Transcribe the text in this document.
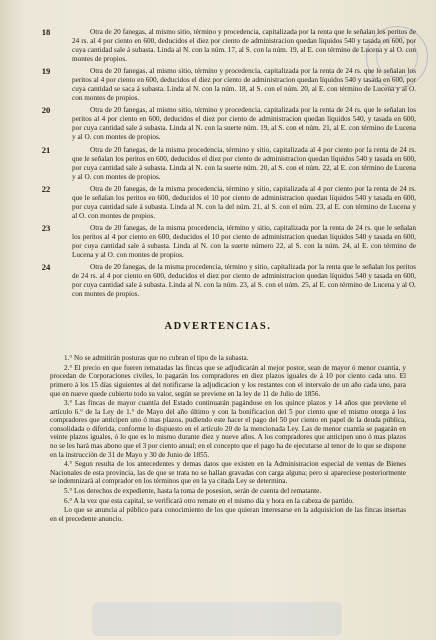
18	Otra de 20 fanegas, al mismo sitio, término y procedencia, capitalizada por la renta que le señalan los peritos de 24 rs. al 4 por ciento en 600, deducidos el diez por ciento de administracion quedan líquidos 540 y tasada en 600, por cuya cantidad sale á subasta. Linda al N. con la núm. 17, al S. con la núm. 19, al E. con término de Lucena y al O. con montes de propios.

19	Otra de 20 fanegas, al mismo sitio, término y procedencia, capitalizada por la renta de 24 rs. que le señalan los peritos al 4 por ciento en 600, deducidos el diez por ciento de administracion quedan líquidos 540 y tasada en 600, por cuya cantidad se saca á subasta. Linda al N. con la núm. 18, al S. con el núm. 20, al E. con término de Lucena y al O. con montes de propios.

20	Otra de 20 fanegas, al mismo sitio, término y procedencia, capitalizada por la renta de 24 rs. que le señalan los peritos al 4 por ciento en 600, deducidos el diez por ciento de administracion quedan líquidos 540, y tasada en 600, por cuya cantidad sale á subasta. Linda al N. con la suerte núm. 19, al S. con el núm. 21, al E. con término de Lucena y al O. con montes de propios.

21	Otra de 20 fanegas, de la misma procedencia, término y sitio, capitalizada al 4 por ciento por la renta de 24 rs. que le señalan los peritos en 600, deducidos el diez por ciento de administracion quedan líquidos 540 y tasada en 600, por cuya cantidad sale á subasta. Linda al N. con la suerte núm. 20, al S. con el núm. 22, al E. con término de Lucena y al O. con montes de propios.

22	Otra de 20 fanegas, de la misma procedencia, término y sitio, capitalizada al 4 por ciento por la renta de 24 rs. que le señalan los peritos en 600, deducidos el 10 por ciento de administracion quedan líquidos 540 y tasada en 600, por cuya cantidad sale á subasta. Linda al N. con la del núm. 21, al S. con el núm. 23, al E. con término de Lucena y al O. con montes de propios.

23	Otra de 20 fanegas, de la misma procedencia, término y sitio, capitalizada por la renta de 24 rs. que le señalan los peritos al 4 por ciento en 600, deducidos el 10 por ciento de administracion quedan líquidos 540 y tasada en 600, por cuya cantidad sale á subasta. Linda al N. con la suerte número 22, al S. con la núm. 24, al E. con término de Lucena y al O. con montes de propios.

24	Otra de 20 fanegas, de la misma procedencia, término y sitio, capitalizada por la renta que le señalan los peritos de 24 rs. al 4 por ciento en 600, deducidos el diez por ciento de administracion quedan líquidos 540 y tasada en 600, por cuya cantidad sale á subasta. Linda al N. con la núm. 23, al S. con el núm. 25, al E. con término de Lucena y al O. con montes de propios.

ADVERTENCIAS.

1.° No se admitirán posturas que no cubran el tipo de la subasta.

2.° El precio en que fueren rematadas las fincas que se adjudicarán al mejor postor, sean de mayor ó menor cuantía, y procedan de Corporaciones civiles, lo pagarán los compradores en diez plazos iguales de á 10 por ciento cada uno. El primero á los 15 días siguientes al del notificarse la adjudicacion y los restantes con el intervalo de un año cada uno, para que en nueve quede cubierto todo su valor, según se previene en la ley de 11 de Julio de 1856.

3.° Las fincas de mayor cuantía del Estado continuarán pagándose en los quince plazos y 14 años que previene el artículo 6.° de la Ley de 1.° de Mayo del año último y con la bonificacion del 5 por ciento que el mismo otorga á los compradores que anticipen uno ó mas plazos, pudiendo este hacer el pago del 50 por ciento en papel de la deuda pública, consolidada o diferida, conforme lo dispuesto en el artículo 20 de la mencionada Ley. Las de menor cuantía se pagarán en veinte plazos iguales, ó lo que es lo mismo durante diez y nueve años. A los compradores que anticipen uno ó mas plazos no se les hará mas abono que el 3 por ciento anual; en el concepto que el pago ha de ejecutarse al tenor de lo que se dispone en la instrucción de 31 de Mayo y 30 de Junio de 1855.

4.° Segun resulta de los antecedentes y demas datos que existen en la Administracion especial de ventas de Bienes Nacionales de esta provincia, las de que se trata no se hallan gravadas con carga alguna; pero si apareciese posteriormente se indemnizará al comprador en los términos que en la ya citada Ley se determina.

5.° Los derechos de expediente, hasta la toma de posesion, serán de cuenta del rematante.

6.° A la vez que esta capital, se verificará otro remate en el mismo día y hora en la cabeza de partido.

Lo que se anuncia al público para conocimiento de los que quieran interesarse en la adquisicion de las fincas insertas en el precedente anuncio.
